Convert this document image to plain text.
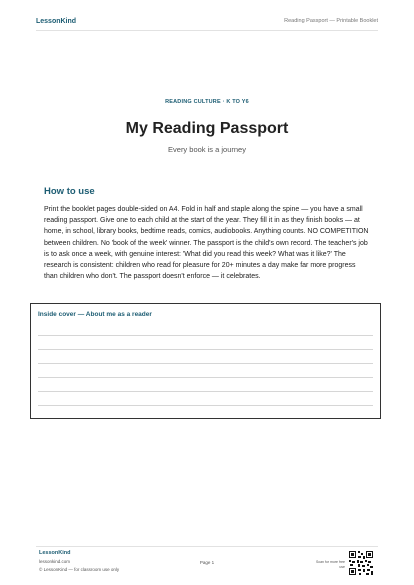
LessonKind	Reading Passport — Printable Booklet
READING CULTURE · K TO Y6
My Reading Passport
Every book is a journey
How to use

Print the booklet pages double-sided on A4. Fold in half and staple along the spine — you have a small reading passport. Give one to each child at the start of the year. They fill it in as they finish books — at home, in school, library books, bedtime reads, comics, audiobooks. Anything counts. NO COMPETITION between children. No 'book of the week' winner. The passport is the child's own record. The teacher's job is to ask once a week, with genuine interest: 'What did you read this week? What was it like?' The research is consistent: children who read for pleasure for 20+ minutes a day make far more progress than children who don't. The passport doesn't enforce — it celebrates.

Inside cover — About me as a reader
LessonKind
lessonkind.com
© LessonKind — for classroom use only
Page 1	Scan for more free use
